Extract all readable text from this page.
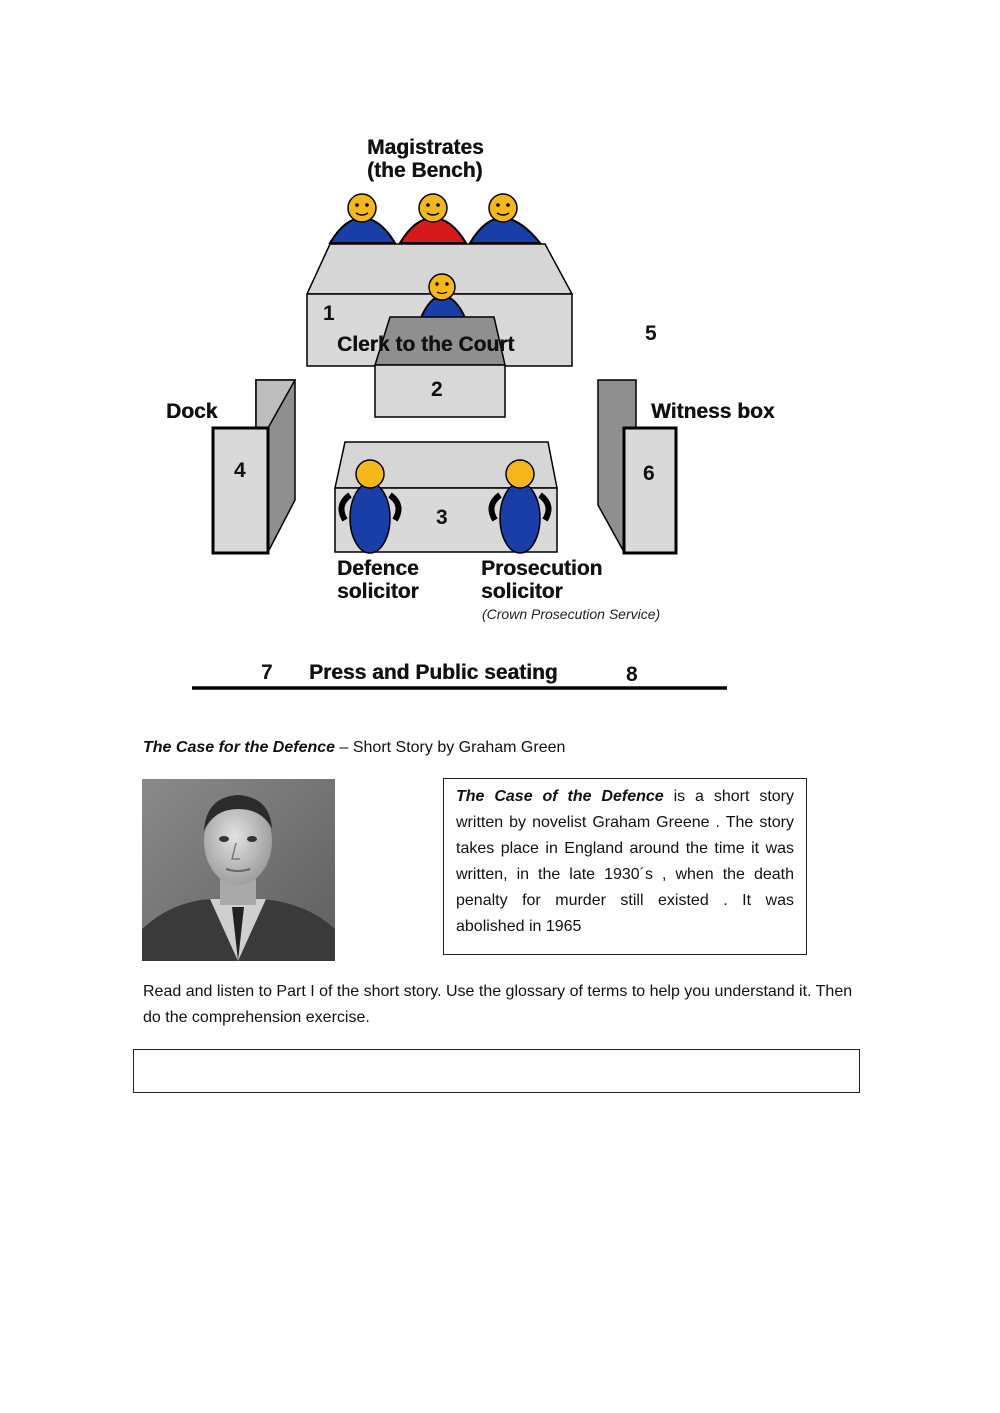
Magistrates
(the Bench)
1
Clerk to the Court	5
2
Dock	Witness box
4	6
3
Defence
solicitor
Prosecution
solicitor
(Crown Prosecution Service)
7 Press and Public seating	8
The Case for the Defence – Short Story by Graham Green
The Case of the Defence is a short story written by novelist Graham Greene . The story takes place in England around the time it was written, in the late 1930´s , when the death penalty for murder still existed . It was abolished in 1965
Read and listen to Part I of the short story. Use the glossary of terms to help you understand it. Then do the comprehension exercise.
